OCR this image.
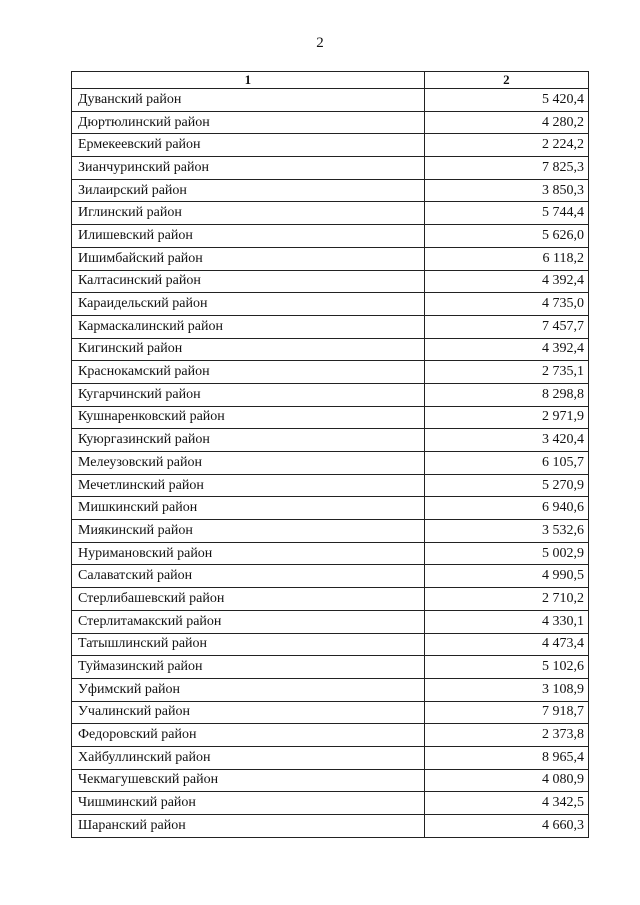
2
1	2
Дуванский район	5 420,4
Дюртюлинский район	4 280,2
Ермекеевский район	2 224,2
Зианчуринский район	7 825,3
Зилаирский район	3 850,3
Иглинский район	5 744,4
Илишевский район	5 626,0
Ишимбайский район	6 118,2
Калтасинский район	4 392,4
Караидельский район	4 735,0
Кармаскалинский район	7 457,7
Кигинский район	4 392,4
Краснокамский район	2 735,1
Кугарчинский район	8 298,8
Кушнаренковский район	2 971,9
Куюргазинский район	3 420,4
Мелеузовский район	6 105,7
Мечетлинский район	5 270,9
Мишкинский район	6 940,6
Миякинский район	3 532,6
Нуримановский район	5 002,9
Салаватский район	4 990,5
Стерлибашевский район	2 710,2
Стерлитамакский район	4 330,1
Татышлинский район	4 473,4
Туймазинский район	5 102,6
Уфимский район	3 108,9
Учалинский район	7 918,7
Федоровский район	2 373,8
Хайбуллинский район	8 965,4
Чекмагушевский район	4 080,9
Чишминский район	4 342,5
Шаранский район	4 660,3
